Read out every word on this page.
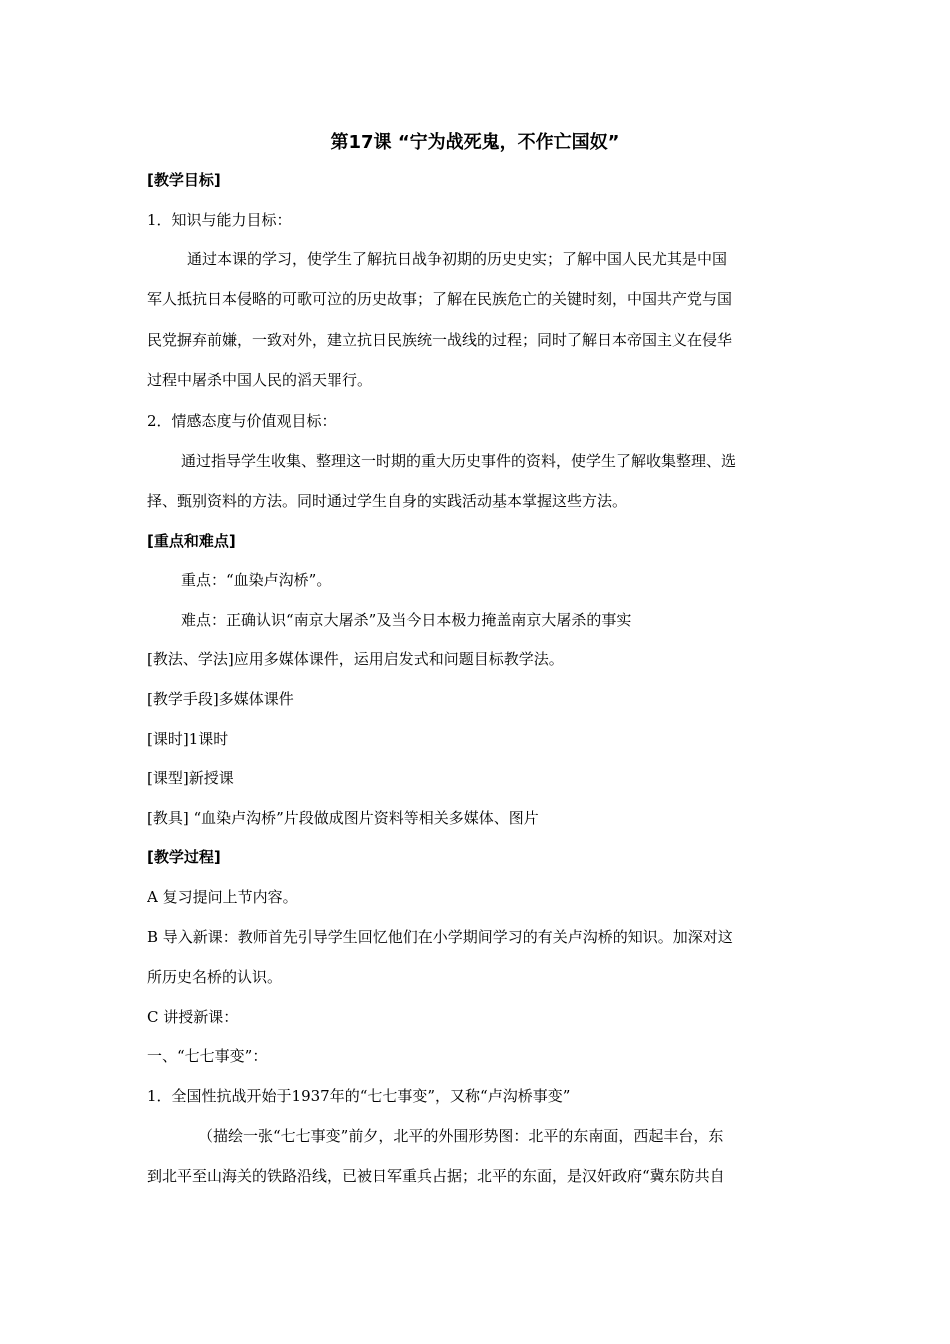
第17课 “宁为战死鬼，不作亡国奴”
[教学目标]
1．知识与能力目标：
通过本课的学习，使学生了解抗日战争初期的历史史实；了解中国人民尤其是中国
军人抵抗日本侵略的可歌可泣的历史故事；了解在民族危亡的关键时刻，中国共产党与国
民党摒弃前嫌，一致对外，建立抗日民族统一战线的过程；同时了解日本帝国主义在侵华
过程中屠杀中国人民的滔天罪行。
2．情感态度与价值观目标：
通过指导学生收集、整理这一时期的重大历史事件的资料，使学生了解收集整理、选
择、甄别资料的方法。同时通过学生自身的实践活动基本掌握这些方法。
[重点和难点]
重点：“血染卢沟桥”。
难点：正确认识“南京大屠杀”及当今日本极力掩盖南京大屠杀的事实
[教法、学法]应用多媒体课件，运用启发式和问题目标教学法。
[教学手段]多媒体课件
[课时]1课时
[课型]新授课
[教具] “血染卢沟桥”片段做成图片资料等相关多媒体、图片
[教学过程]
A 复习提问上节内容。
B 导入新课：教师首先引导学生回忆他们在小学期间学习的有关卢沟桥的知识。加深对这
所历史名桥的认识。
C 讲授新课：
一、“七七事变”：
1．全国性抗战开始于1937年的“七七事变”，又称“卢沟桥事变”
（描绘一张“七七事变”前夕，北平的外围形势图：北平的东南面，西起丰台，东
到北平至山海关的铁路沿线，已被日军重兵占据；北平的东面，是汉奸政府“冀东防共自
